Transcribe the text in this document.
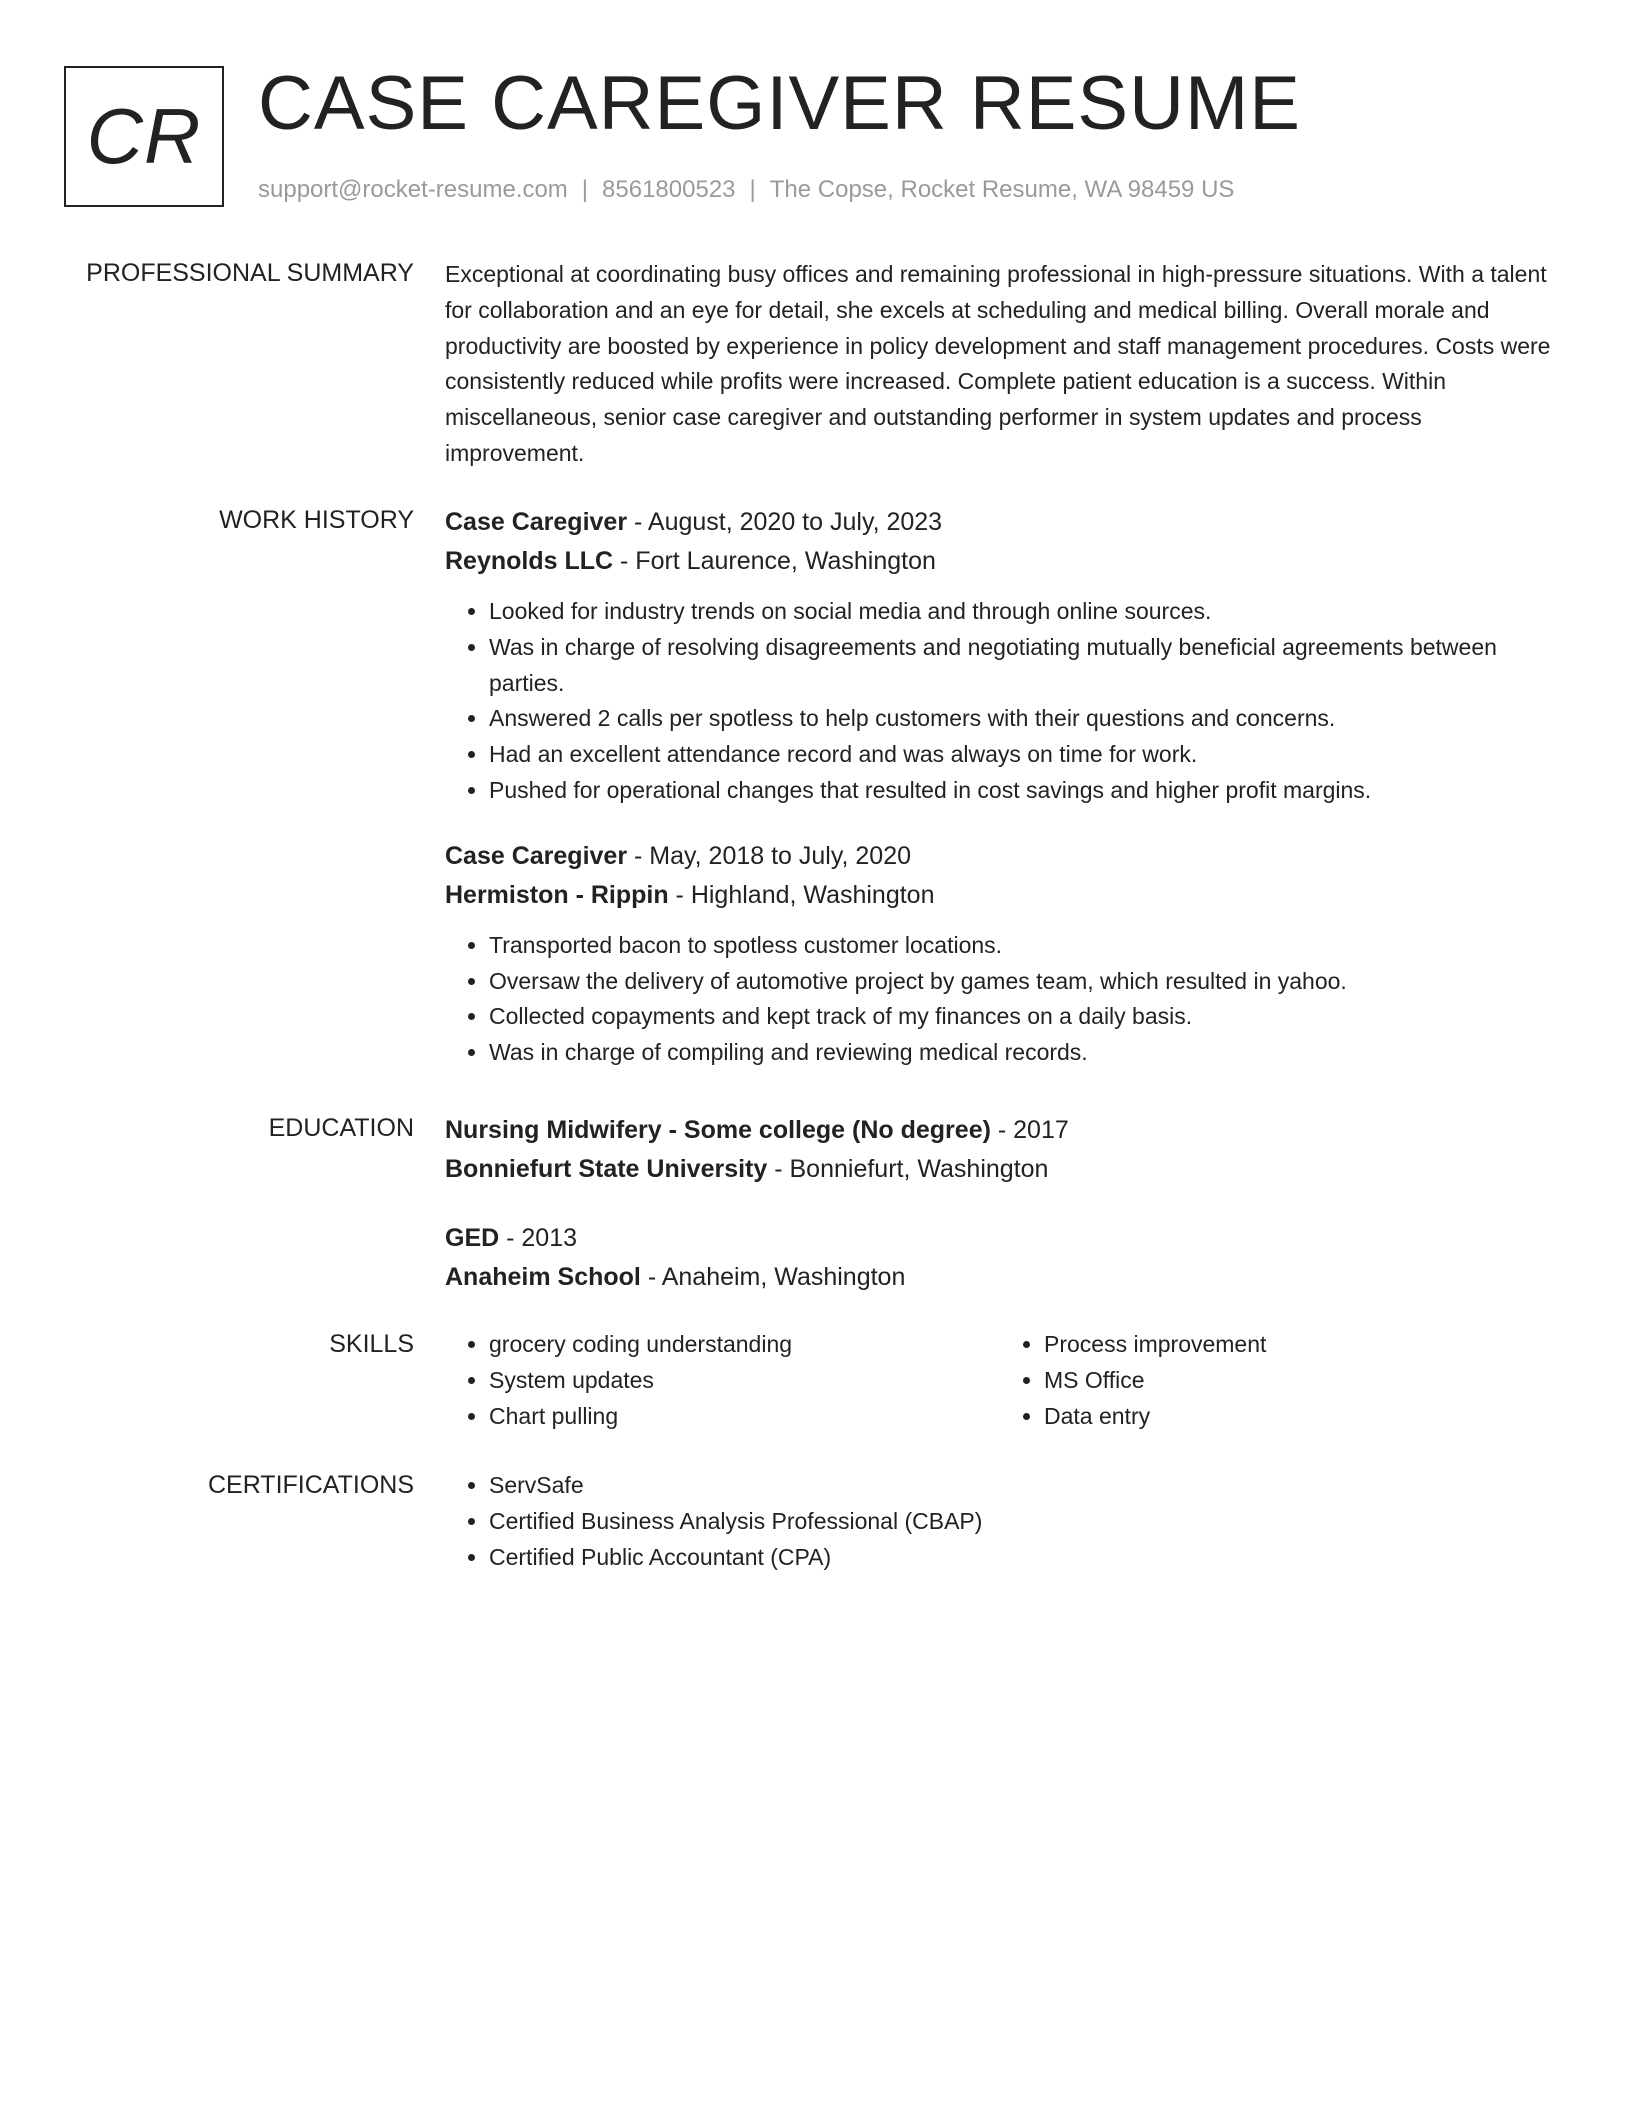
CR CASE CAREGIVER RESUME
support@rocket-resume.com | 8561800523 | The Copse, Rocket Resume, WA 98459 US
PROFESSIONAL SUMMARY Exceptional at coordinating busy offices and remaining professional in high-pressure situations. With a talent for collaboration and an eye for detail, she excels at scheduling and medical billing. Overall morale and productivity are boosted by experience in policy development and staff management procedures. Costs were consistently reduced while profits were increased. Complete patient education is a success. Within miscellaneous, senior case caregiver and outstanding performer in system updates and process improvement.

WORK HISTORY Case Caregiver - August, 2020 to July, 2023
Reynolds LLC - Fort Laurence, Washington
• Looked for industry trends on social media and through online sources.
• Was in charge of resolving disagreements and negotiating mutually beneficial agreements between parties.
• Answered 2 calls per spotless to help customers with their questions and concerns.
• Had an excellent attendance record and was always on time for work.
• Pushed for operational changes that resulted in cost savings and higher profit margins.
Case Caregiver - May, 2018 to July, 2020
Hermiston - Rippin - Highland, Washington
• Transported bacon to spotless customer locations.
• Oversaw the delivery of automotive project by games team, which resulted in yahoo.
• Collected copayments and kept track of my finances on a daily basis.
• Was in charge of compiling and reviewing medical records.
EDUCATION Nursing Midwifery - Some college (No degree) - 2017
Bonniefurt State University - Bonniefurt, Washington
GED - 2013
Anaheim School - Anaheim, Washington
SKILLS	• grocery coding understanding
• System updates
• Chart pulling
• Process improvement
• MS Office
• Data entry
CERTIFICATIONS	• ServSafe
• Certified Business Analysis Professional (CBAP)
• Certified Public Accountant (CPA)
